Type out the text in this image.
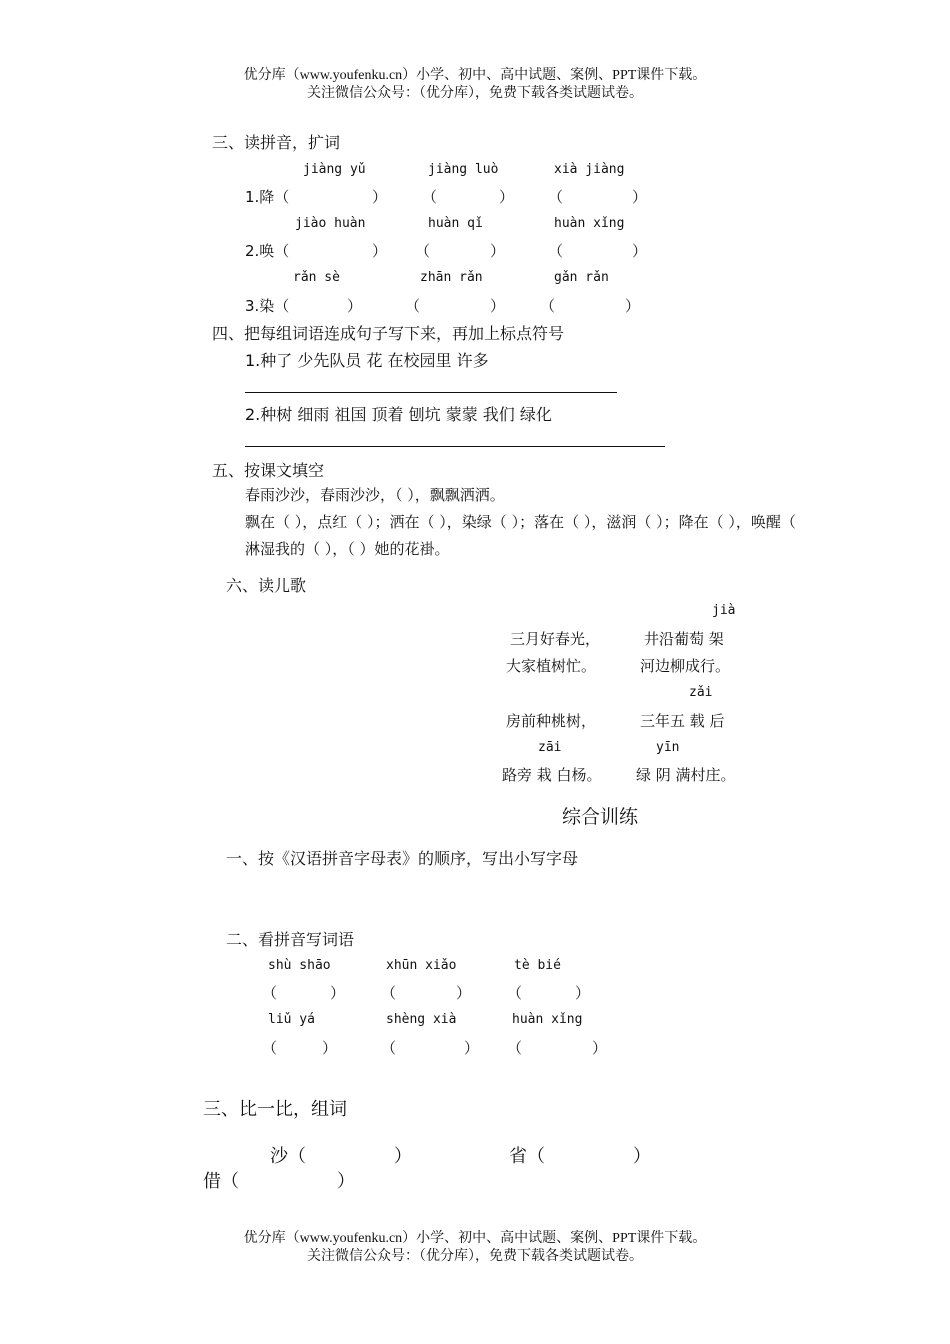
优分库（www.youfenku.cn）小学、初中、高中试题、案例、PPT课件下载。
关注微信公众号：（优分库），免费下载各类试题试卷。
三、读拼音，扩词
jiàng yǔ	jiàng luò	xià jiàng
1.降（	） （	） （	）
jiào huàn	huàn qǐ	huàn xǐng
2.唤（	） （	）	（	）
rǎn sè	zhān rǎn	gǎn rǎn
3.染（	）	（	） （	）
四、把每组词语连成句子写下来，再加上标点符号
1.种了 少先队员 花 在校园里 许多
2.种树 细雨 祖国 顶着 刨坑 蒙蒙 我们 绿化
五、按课文填空
春雨沙沙，春雨沙沙，（ ），飘飘洒洒。
飘在（ ），点红（ ）；洒在（ ），染绿（ ）；落在（ ），滋润（ ）；降在（ ），唤醒（
淋湿我的（ ），（ ）她的花褂。
六、读儿歌
jià
三月好春光，	井沿葡萄 架
大家植树忙。	河边柳成行。
zǎi
房前种桃树，	三年五 载 后
zāi	yīn
路旁 栽 白杨。 绿 阴 满村庄。
综合训练
一、按《汉语拼音字母表》的顺序，写出小写字母
二、看拼音写词语
shù shāo	xhūn xiǎo	tè bié
（	） （	） （	）
liǔ yá	shèng xià	huàn xǐng
（	）	（	） （	）
三、比一比，组词
沙（	）	省（	）
借（	）
优分库（www.youfenku.cn）小学、初中、高中试题、案例、PPT课件下载。
关注微信公众号：（优分库），免费下载各类试题试卷。
